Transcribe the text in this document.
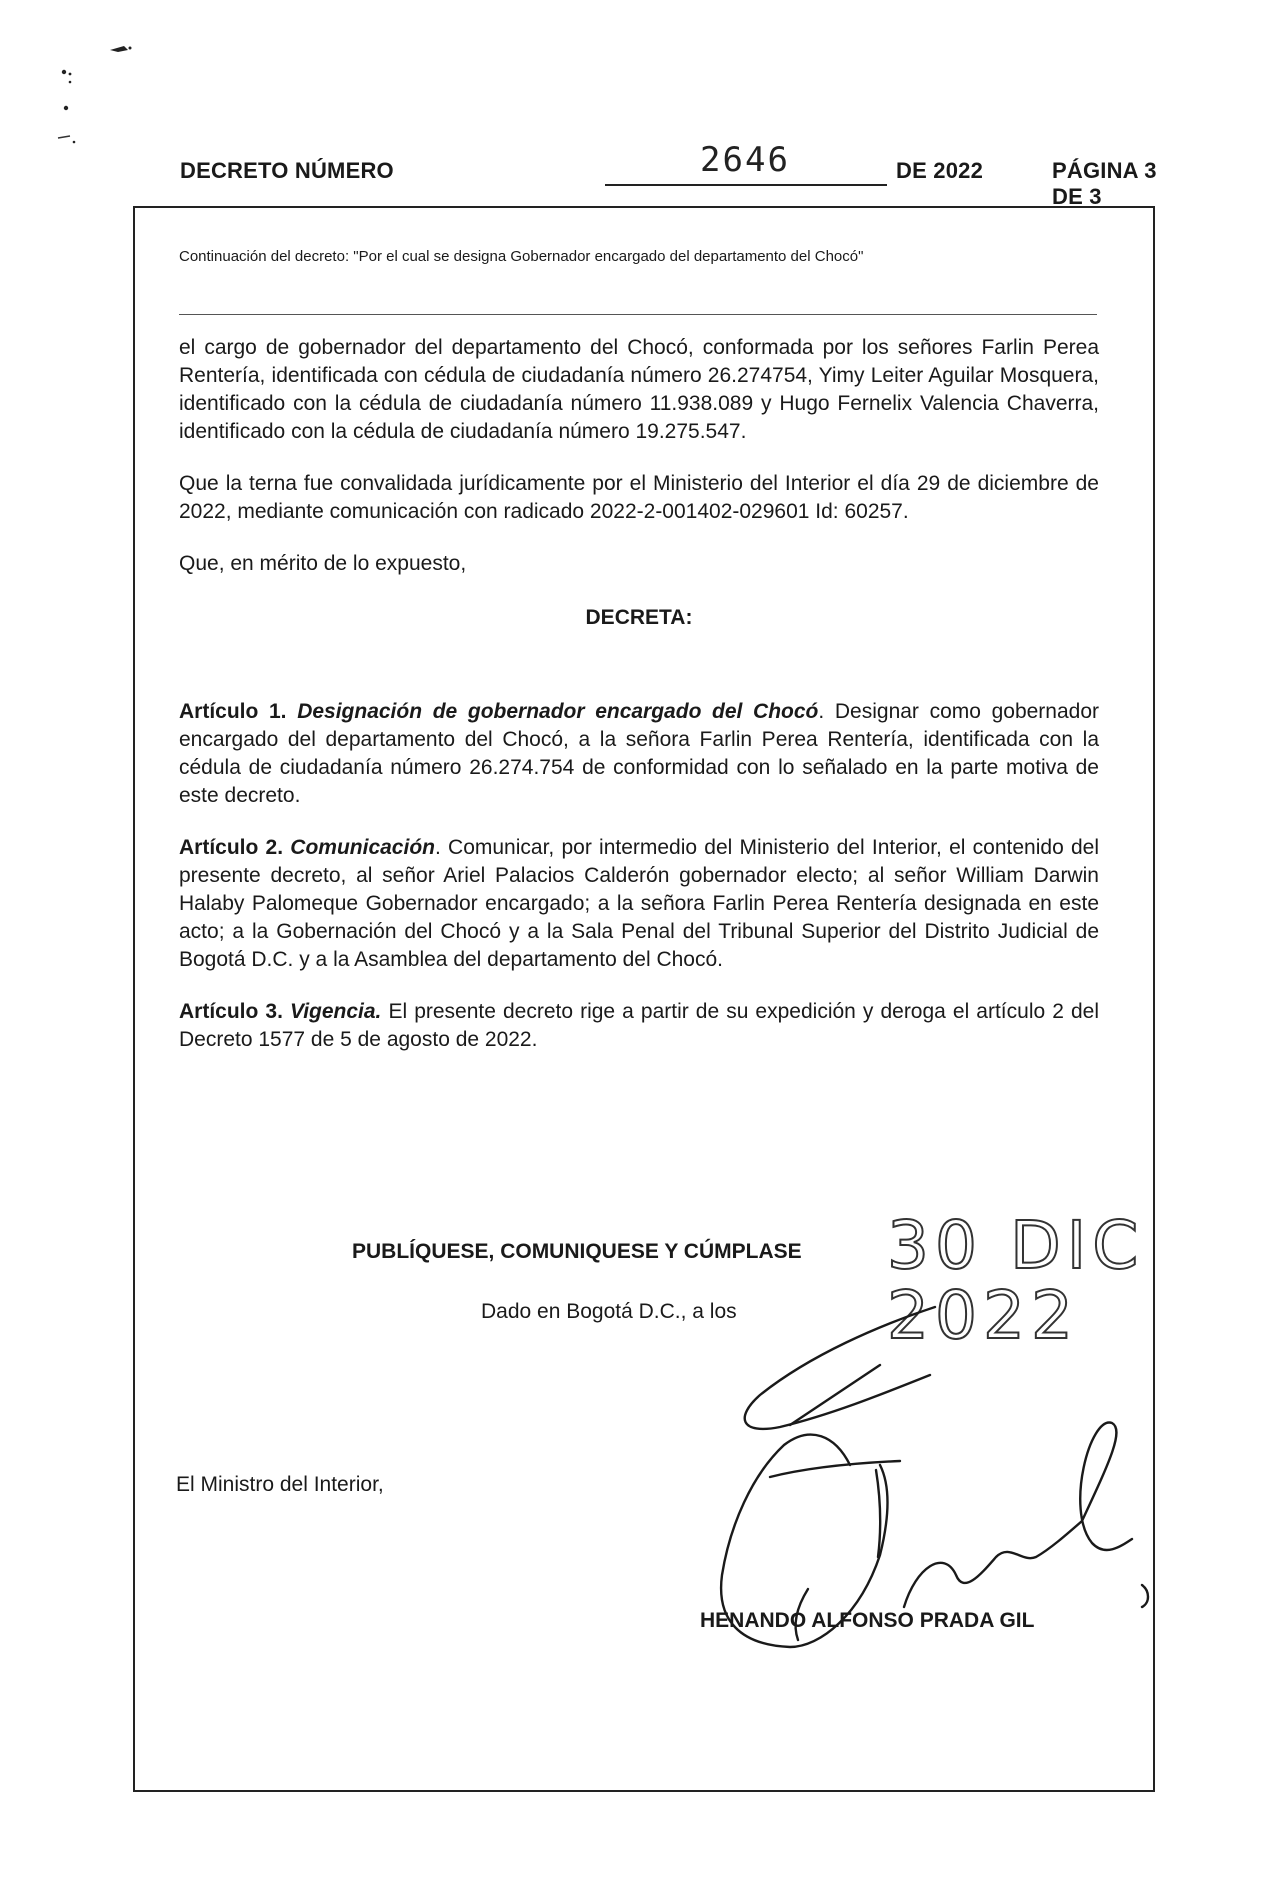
DECRETO NÚMERO	2646	DE 2022	PÁGINA 3 DE 3
Continuación del decreto: "Por el cual se designa Gobernador encargado del departamento del Chocó"

el cargo de gobernador del departamento del Chocó, conformada por los señores Farlin Perea Rentería, identificada con cédula de ciudadanía número 26.274754, Yimy Leiter Aguilar Mosquera, identificado con la cédula de ciudadanía número 11.938.089 y Hugo Fernelix Valencia Chaverra, identificado con la cédula de ciudadanía número 19.275.547.

Que la terna fue convalidada jurídicamente por el Ministerio del Interior el día 29 de diciembre de 2022, mediante comunicación con radicado 2022-2-001402-029601 Id: 60257.

Que, en mérito de lo expuesto,

DECRETA:

Artículo 1. Designación de gobernador encargado del Chocó. Designar como gobernador encargado del departamento del Chocó, a la señora Farlin Perea Rentería, identificada con la cédula de ciudadanía número 26.274.754 de conformidad con lo señalado en la parte motiva de este decreto.

Artículo 2. Comunicación. Comunicar, por intermedio del Ministerio del Interior, el contenido del presente decreto, al señor Ariel Palacios Calderón gobernador electo; al señor William Darwin Halaby Palomeque Gobernador encargado; a la señora Farlin Perea Rentería designada en este acto; a la Gobernación del Chocó y a la Sala Penal del Tribunal Superior del Distrito Judicial de Bogotá D.C. y a la Asamblea del departamento del Chocó.

Artículo 3. Vigencia. El presente decreto rige a partir de su expedición y deroga el artículo 2 del Decreto 1577 de 5 de agosto de 2022.

PUBLÍQUESE, COMUNIQUESE Y CÚMPLASE 30 DIC 2022
Dado en Bogotá D.C., a los
El Ministro del Interior,
HENANDO ALFONSO PRADA GIL
